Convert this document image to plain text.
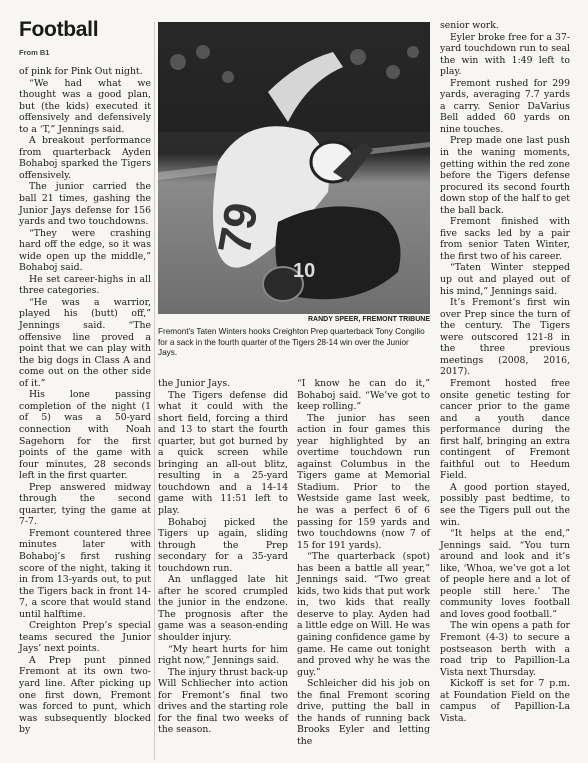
Football
From B1

of pink for Pink Out night.

“We had what we thought was a good plan, but (the kids) executed it offensively and defensively to a ‘T,” Jennings said.

A breakout performance from quarterback Ayden Bohaboj sparked the Tigers offensively.

The junior carried the ball 21 times, gashing the Junior Jays defense for 156 yards and two touchdowns.

“They were crashing hard off the edge, so it was wide open up the middle,” Bohaboj said.

He set career-highs in all three categories.

“He was a warrior, played his (butt) off,” Jennings said. “The offensive line proved a point that we can play with the big dogs in Class A and come out on the other side of it.”

His lone passing completion of the night (1 of 5) was a 50-yard connection with Noah Sagehorn for the first points of the game with four minutes, 28 seconds left in the first quarter.

Prep answered midway through the second quarter, tying the game at 7-7.

Fremont countered three minutes later with Bohaboj’s first rushing score of the night, taking it in from 13-yards out, to put the Tigers back in front 14-7, a score that would stand until halftime.

Creighton Prep’s special teams secured the Junior Jays’ next points.

A Prep punt pinned Fremont at its own two-yard line. After picking up one first down, Fremont was forced to punt, which was subsequently blocked by

79
10
RANDY SPEER, FREMONT TRIBUNE
Fremont’s Taten Winters hooks Creighton Prep quarterback Tony Congilio for a sack in the fourth quarter of the Tigers 28-14 win over the Junior Jays.

the Junior Jays.

The Tigers defense did what it could with the short field, forcing a third and 13 to start the fourth quarter, but got burned by a quick screen while bringing an all-out blitz, resulting in a 25-yard touchdown and a 14-14 game with 11:51 left to play.

Bohaboj picked the Tigers up again, sliding through the Prep secondary for a 35-yard touchdown run.

An unflagged late hit after he scored crumpled the junior in the endzone. The prognosis after the game was a season-ending shoulder injury.

“My heart hurts for him right now,” Jennings said.

The injury thrust back-up Will Schliecher into action for Fremont’s final two drives and the starting role for the final two weeks of the season.

“I know he can do it,” Bohaboj said. “We’ve got to keep rolling.”

The junior has seen action in four games this year highlighted by an overtime touchdown run against Columbus in the Tigers game at Memorial Stadium. Prior to the Westside game last week, he was a perfect 6 of 6 passing for 159 yards and two touchdowns (now 7 of 15 for 191 yards).

“The quarterback (spot) has been a battle all year,” Jennings said. “Two great kids, two kids that put work in, two kids that really deserve to play. Ayden had a little edge on Will. He was gaining confidence game by game. He came out tonight and proved why he was the guy.”

Schleicher did his job on the final Fremont scoring drive, putting the ball in the hands of running back Brooks Eyler and letting the

senior work.

Eyler broke free for a 37-yard touchdown run to seal the win with 1:49 left to play.

Fremont rushed for 299 yards, averaging 7.7 yards a carry. Senior DaVarius Bell added 60 yards on nine touches.

Prep made one last push in the waning moments, getting within the red zone before the Tigers defense procured its second fourth down stop of the half to get the ball back.

Fremont finished with five sacks led by a pair from senior Taten Winter, the first two of his career.

“Taten Winter stepped up out and played out of his mind,” Jennings said.

It’s Fremont’s first win over Prep since the turn of the century. The Tigers were outscored 121-8 in the three previous meetings (2008, 2016, 2017).

Fremont hosted free onsite genetic testing for cancer prior to the game and a youth dance performance during the first half, bringing an extra contingent of Fremont faithful out to Heedum Field.

A good portion stayed, possibly past bedtime, to see the Tigers pull out the win.

“It helps at the end,” Jennings said. “You turn around and look and it’s like, ‘Whoa, we’ve got a lot of people here and a lot of people still here.’ The community loves football and loves good football.”

The win opens a path for Fremont (4-3) to secure a postseason berth with a road trip to Papillion-La Vista next Thursday.

Kickoff is set for 7 p.m. at Foundation Field on the campus of Papillion-La Vista.
